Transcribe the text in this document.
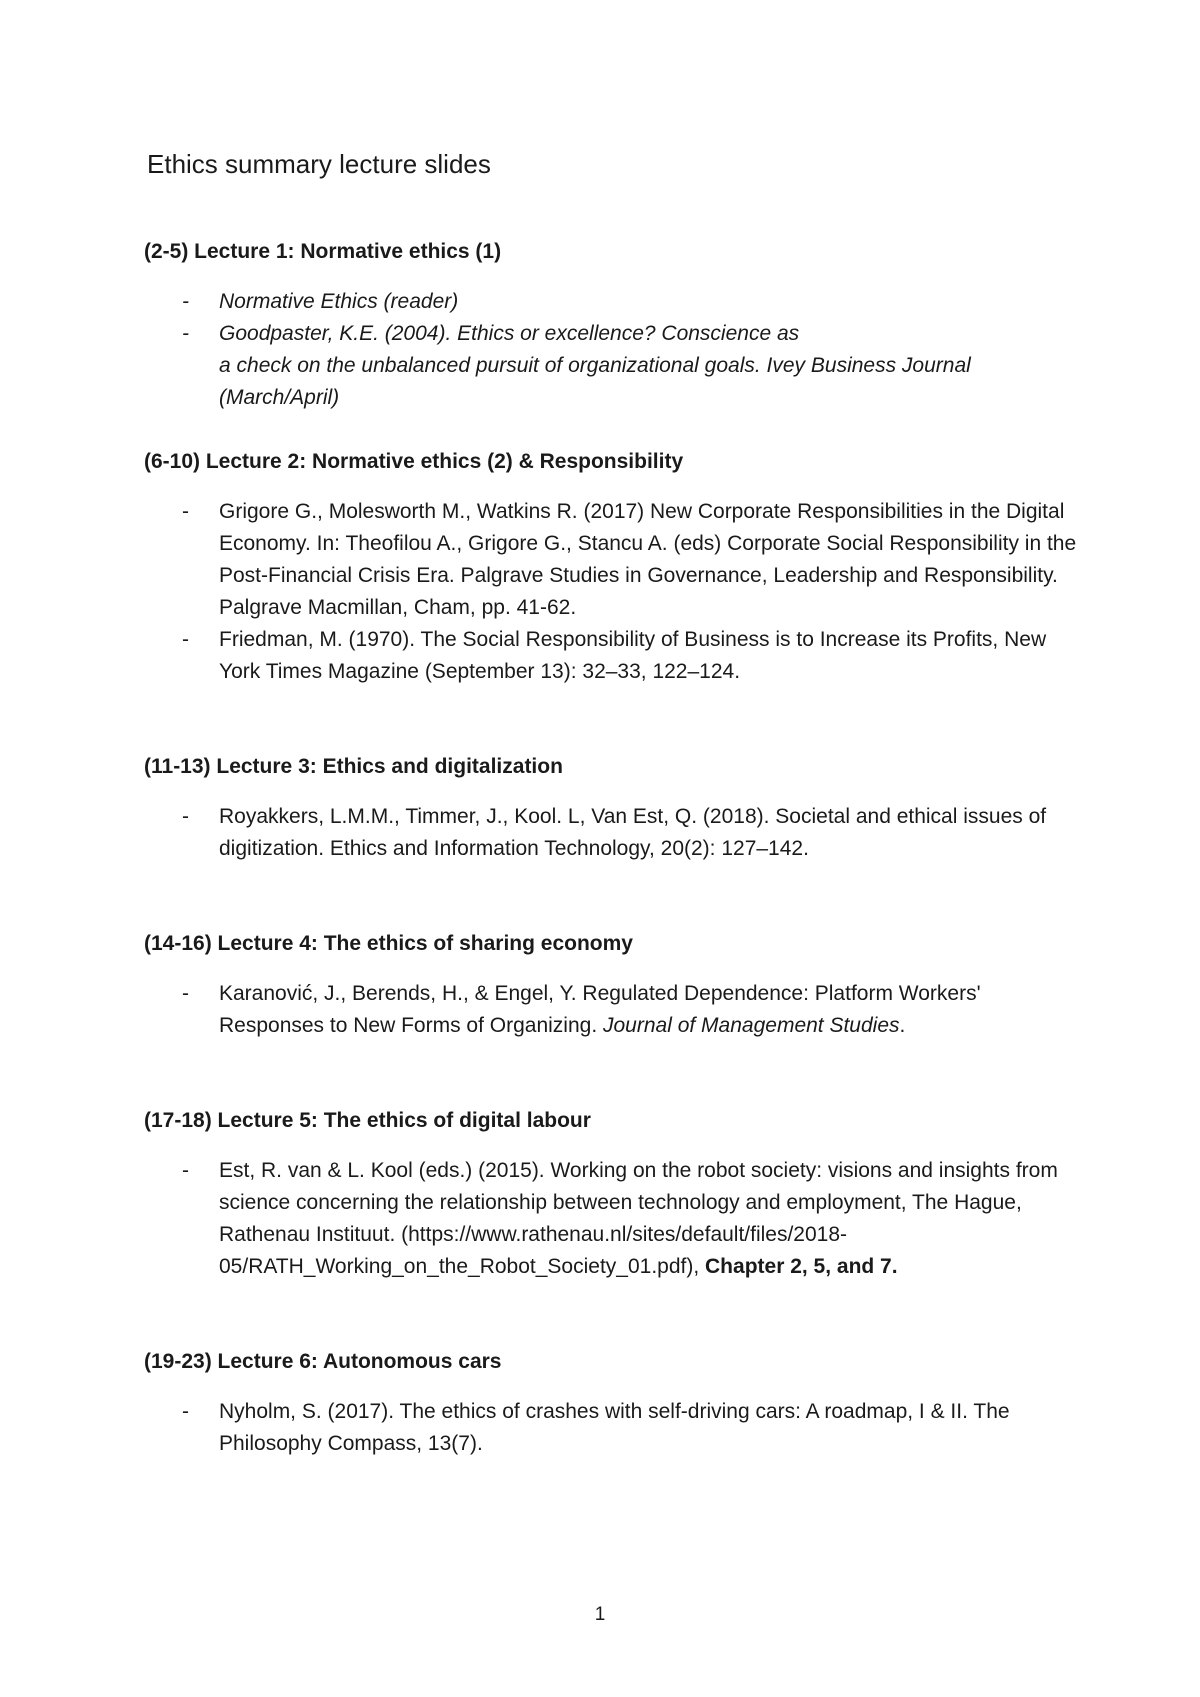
Ethics summary lecture slides
(2-5) Lecture 1: Normative ethics (1)
- Normative Ethics (reader)
- Goodpaster, K.E. (2004). Ethics or excellence? Conscience as
a check on the unbalanced pursuit of organizational goals. Ivey Business Journal (March/April)
(6-10) Lecture 2: Normative ethics (2) & Responsibility
- Grigore G., Molesworth M., Watkins R. (2017) New Corporate Responsibilities in the Digital Economy. In: Theofilou A., Grigore G., Stancu A. (eds) Corporate Social Responsibility in the Post-Financial Crisis Era. Palgrave Studies in Governance, Leadership and Responsibility. Palgrave Macmillan, Cham, pp. 41-62.
- Friedman, M. (1970). The Social Responsibility of Business is to Increase its Profits, New York Times Magazine (September 13): 32–33, 122–124.
(11-13) Lecture 3: Ethics and digitalization
- Royakkers, L.M.M., Timmer, J., Kool. L, Van Est, Q. (2018). Societal and ethical issues of digitization. Ethics and Information Technology, 20(2): 127–142.
(14-16) Lecture 4: The ethics of sharing economy
- Karanović, J., Berends, H., & Engel, Y. Regulated Dependence: Platform Workers' Responses to New Forms of Organizing. Journal of Management Studies.
(17-18) Lecture 5: The ethics of digital labour
- Est, R. van & L. Kool (eds.) (2015). Working on the robot society: visions and insights from science concerning the relationship between technology and employment, The Hague, Rathenau Instituut. (https://www.rathenau.nl/sites/default/files/2018-05/RATH_Working_on_the_Robot_Society_01.pdf), Chapter 2, 5, and 7.
(19-23) Lecture 6: Autonomous cars
- Nyholm, S. (2017). The ethics of crashes with self-driving cars: A roadmap, I & II. The Philosophy Compass, 13(7).
1
